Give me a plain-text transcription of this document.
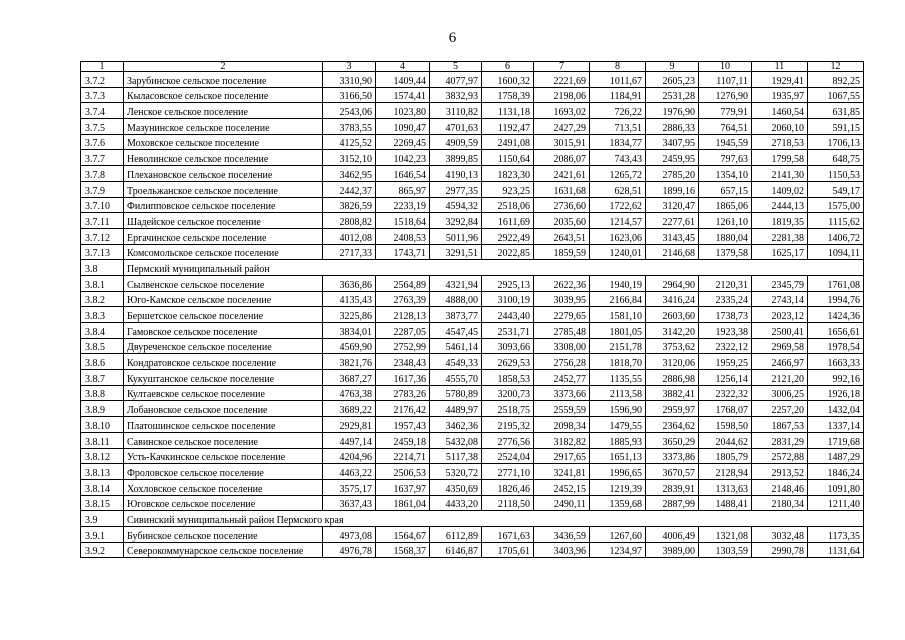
6
1	2	3	4	5	6	7	8	9	10	11	12
3.7.2	Зарубинское сельское поселение	3310,90	1409,44	4077,97	1600,32	2221,69	1011,67	2605,23	1107,11	1929,41	892,25
3.7.3	Кыласовское сельское поселение	3166,50	1574,41	3832,93	1758,39	2198,06	1184,91	2531,28	1276,90	1935,97	1067,55
3.7.4	Ленское сельское поселение	2543,06	1023,80	3110,82	1131,18	1693,02	726,22	1976,90	779,91	1460,54	631,85
3.7.5	Мазунинское сельское поселение	3783,55	1090,47	4701,63	1192,47	2427,29	713,51	2886,33	764,51	2060,10	591,15
3.7.6	Моховское сельское поселение	4125,52	2269,45	4909,59	2491,08	3015,91	1834,77	3407,95	1945,59	2718,53	1706,13
3.7.7	Неволинское сельское поселение	3152,10	1042,23	3899,85	1150,64	2086,07	743,43	2459,95	797,63	1799,58	648,75
3.7.8	Плехановское сельское поселение	3462,95	1646,54	4190,13	1823,30	2421,61	1265,72	2785,20	1354,10	2141,30	1150,53
3.7.9	Троельжанское сельское поселение	2442,37	865,97	2977,35	923,25	1631,68	628,51	1899,16	657,15	1409,02	549,17
3.7.10	Филипповское сельское поселение	3826,59	2233,19	4594,32	2518,06	2736,60	1722,62	3120,47	1865,06	2444,13	1575,00
3.7.11	Шадейское сельское поселение	2808,82	1518,64	3292,84	1611,69	2035,60	1214,57	2277,61	1261,10	1819,35	1115,62
3.7.12	Ергачинское сельское поселение	4012,08	2408,53	5011,96	2922,49	2643,51	1623,06	3143,45	1880,04	2281,38	1406,72
3.7.13	Комсомольское сельское поселение	2717,33	1743,71	3291,51	2022,85	1859,59	1240,01	2146,68	1379,58	1625,17	1094,11
3.8	Пермский муниципальный район										
3.8.1	Сылвенское сельское поселение	3636,86	2564,89	4321,94	2925,13	2622,36	1940,19	2964,90	2120,31	2345,79	1761,08
3.8.2	Юго-Камское сельское поселение	4135,43	2763,39	4888,00	3100,19	3039,95	2166,84	3416,24	2335,24	2743,14	1994,76
3.8.3	Бершетское сельское поселение	3225,86	2128,13	3873,77	2443,40	2279,65	1581,10	2603,60	1738,73	2023,12	1424,36
3.8.4	Гамовское сельское поселение	3834,01	2287,05	4547,45	2531,71	2785,48	1801,05	3142,20	1923,38	2500,41	1656,61
3.8.5	Двуреченское сельское поселение	4569,90	2752,99	5461,14	3093,66	3308,00	2151,78	3753,62	2322,12	2969,58	1978,54
3.8.6	Кондратовское сельское поселение	3821,76	2348,43	4549,33	2629,53	2756,28	1818,70	3120,06	1959,25	2466,97	1663,33
3.8.7	Кукуштанское сельское поселение	3687,27	1617,36	4555,70	1858,53	2452,77	1135,55	2886,98	1256,14	2121,20	992,16
3.8.8	Култаевское сельское поселение	4763,38	2783,26	5780,89	3200,73	3373,66	2113,58	3882,41	2322,32	3006,25	1926,18
3.8.9	Лобановское сельское поселение	3689,22	2176,42	4489,97	2518,75	2559,59	1596,90	2959,97	1768,07	2257,20	1432,04
3.8.10	Платошинское сельское поселение	2929,81	1957,43	3462,36	2195,32	2098,34	1479,55	2364,62	1598,50	1867,53	1337,14
3.8.11	Савинское сельское поселение	4497,14	2459,18	5432,08	2776,56	3182,82	1885,93	3650,29	2044,62	2831,29	1719,68
3.8.12	Усть-Качкинское сельское поселение	4204,96	2214,71	5117,38	2524,04	2917,65	1651,13	3373,86	1805,79	2572,88	1487,29
3.8.13	Фроловское сельское поселение	4463,22	2506,53	5320,72	2771,10	3241,81	1996,65	3670,57	2128,94	2913,52	1846,24
3.8.14	Хохловское сельское поселение	3575,17	1637,97	4350,69	1826,46	2452,15	1219,39	2839,91	1313,63	2148,46	1091,80
3.8.15	Юговское сельское поселение	3637,43	1861,04	4433,20	2118,50	2490,11	1359,68	2887,99	1488,41	2180,34	1211,40
3.9	Сивинский муниципальный район Пермского края										
3.9.1	Бубинское сельское поселение	4973,08	1564,67	6112,89	1671,63	3436,59	1267,60	4006,49	1321,08	3032,48	1173,35
3.9.2	Северокоммунарское сельское поселение	4976,78	1568,37	6146,87	1705,61	3403,96	1234,97	3989,00	1303,59	2990,78	1131,64
